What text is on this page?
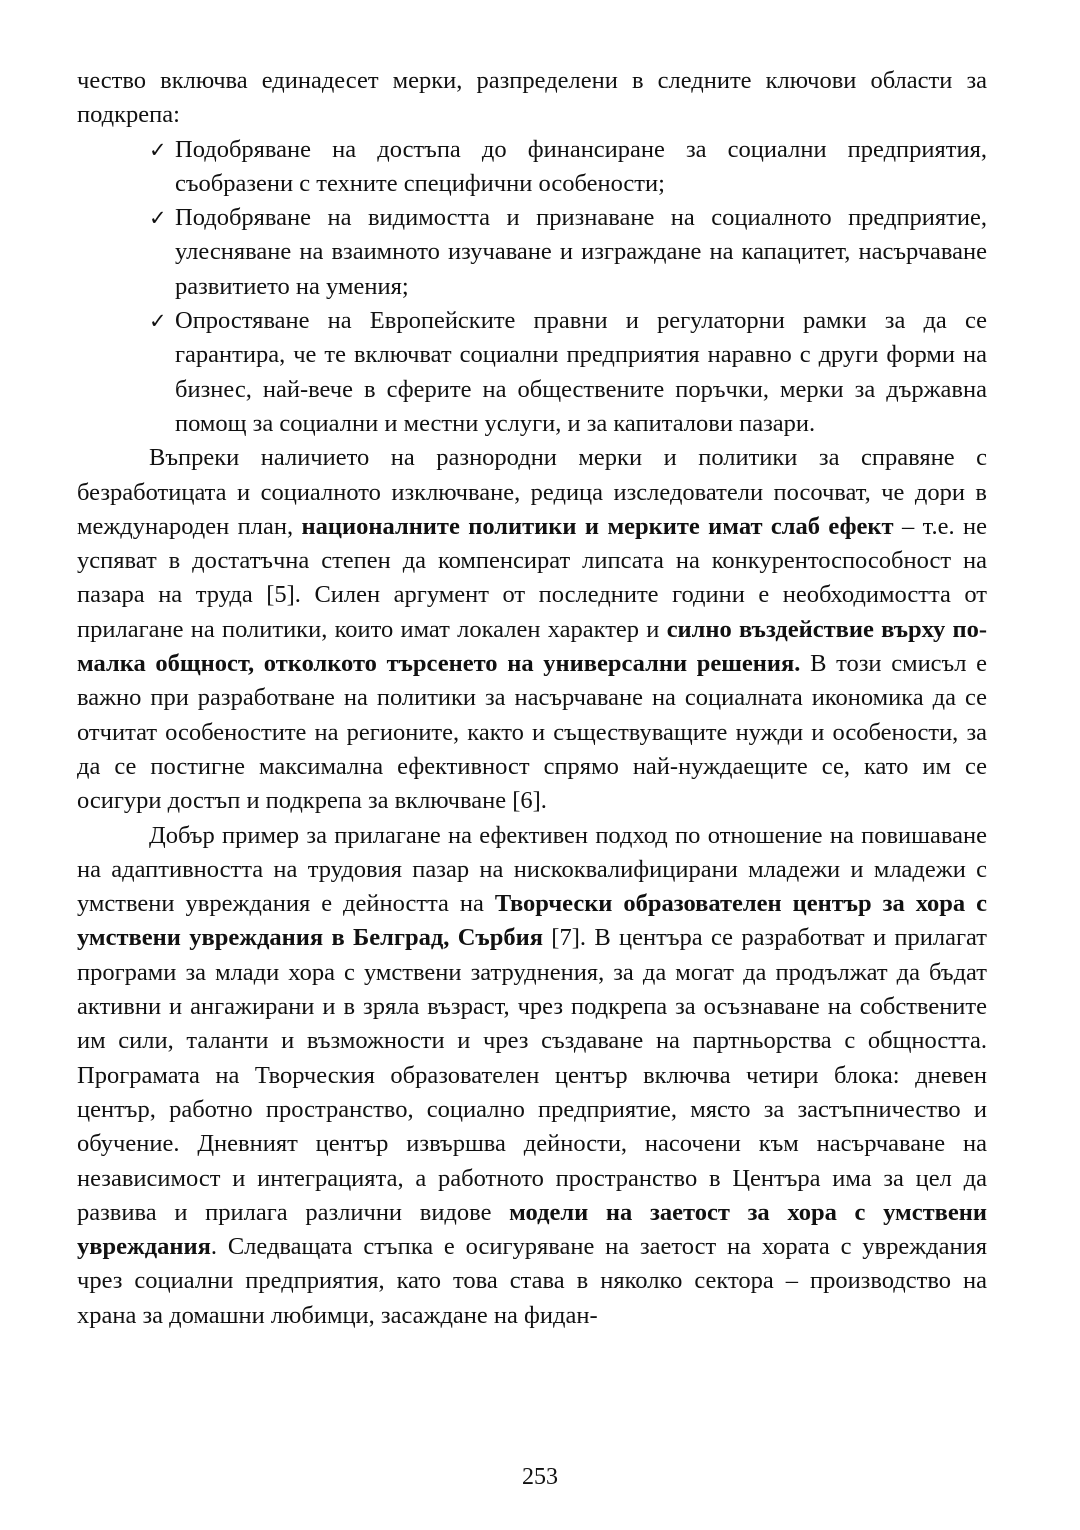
чество включва единадесет мерки, разпределени в следните ключови области за подкрепа:

✓ Подобряване на достъпа до финансиране за социални предприятия, съобразени с техните специфични особености;
✓ Подобряване на видимостта и признаване на социалното предприятие, улесняване на взаимното изучаване и изграждане на капацитет, насърчаване развитието на умения;
✓ Опростяване на Европейските правни и регулаторни рамки за да се гарантира, че те включват социални предприятия наравно с други форми на бизнес, най-вече в сферите на обществените поръчки, мерки за държавна помощ за социални и местни услуги, и за капиталови пазари.

Въпреки наличието на разнородни мерки и политики за справяне с безработицата и социалното изключване, редица изследователи посочват, че дори в международен план, националните политики и мерките имат слаб ефект – т.е. не успяват в достатъчна степен да компенсират липсата на конкурентоспособност на пазара на труда [5]. Силен аргумент от последните години е необходимостта от прилагане на политики, които имат локален характер и силно въздействие върху по-малка общност, отколкото търсенето на универсални решения. В този смисъл е важно при разработване на политики за насърчаване на социалната икономика да се отчитат особеностите на регионите, както и съществуващите нужди и особености, за да се постигне максимална ефективност спрямо най-нуждаещите се, като им се осигури достъп и подкрепа за включване [6].

Добър пример за прилагане на ефективен подход по отношение на повишаване на адаптивността на трудовия пазар на нискоквалифицирани младежи и младежи с умствени увреждания е дейността на Творчески образователен център за хора с умствени увреждания в Белград, Сърбия [7]. В центъра се разработват и прилагат програми за млади хора с умствени затруднения, за да могат да продължат да бъдат активни и ангажирани и в зряла възраст, чрез подкрепа за осъзнаване на собствените им сили, таланти и възможности и чрез създаване на партньорства с общността. Програмата на Творческия образователен център включва четири блока: дневен център, работно пространство, социално предприятие, място за застъпничество и обучение. Дневният център извършва дейности, насочени към насърчаване на независимост и интеграцията, а работното пространство в Центъра има за цел да развива и прилага различни видове модели на заетост за хора с умствени увреждания. Следващата стъпка е осигуряване на заетост на хората с увреждания чрез социални предприятия, като това става в няколко сектора – производство на храна за домашни любимци, засаждане на фидан-

253
